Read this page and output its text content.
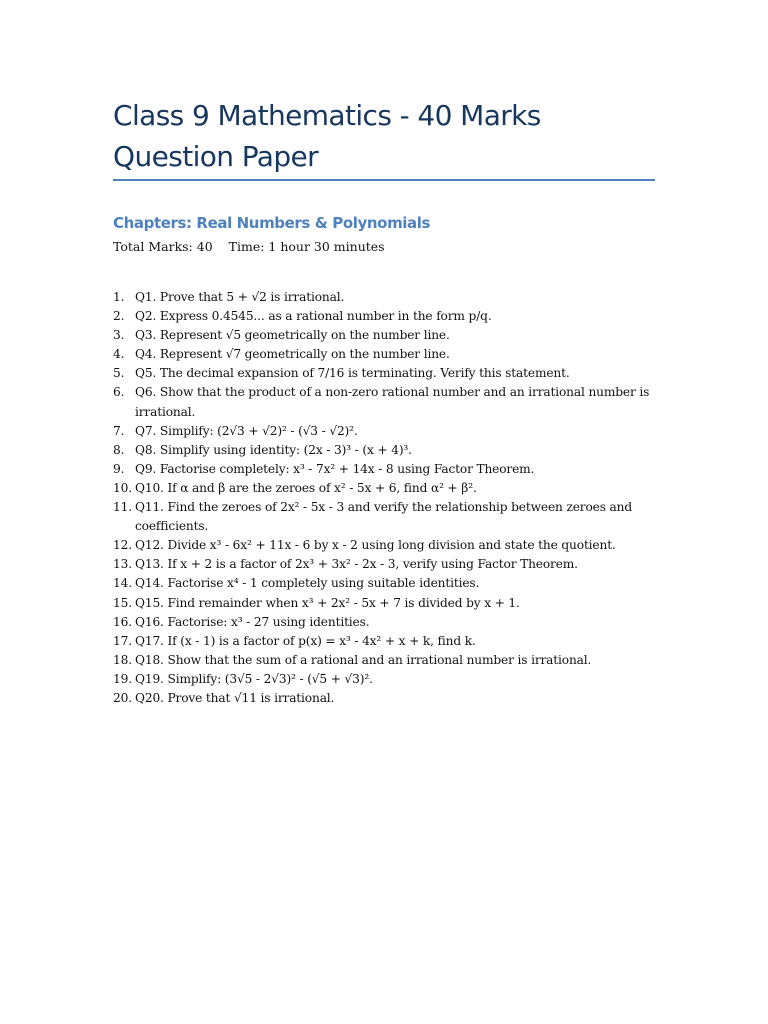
Class 9 Mathematics - 40 Marks Question Paper
Chapters: Real Numbers & Polynomials
Total Marks: 40 Time: 1 hour 30 minutes
1. Q1. Prove that 5 + √2 is irrational.
2. Q2. Express 0.4545... as a rational number in the form p/q.
3. Q3. Represent √5 geometrically on the number line.
4. Q4. Represent √7 geometrically on the number line.
5. Q5. The decimal expansion of 7/16 is terminating. Verify this statement.
6. Q6. Show that the product of a non-zero rational number and an irrational number is irrational.
7. Q7. Simplify: (2√3 + √2)² - (√3 - √2)².
8. Q8. Simplify using identity: (2x - 3)³ - (x + 4)³.
9. Q9. Factorise completely: x³ - 7x² + 14x - 8 using Factor Theorem.
10. Q10. If α and β are the zeroes of x² - 5x + 6, find α² + β².
11. Q11. Find the zeroes of 2x² - 5x - 3 and verify the relationship between zeroes and coefficients.
12. Q12. Divide x³ - 6x² + 11x - 6 by x - 2 using long division and state the quotient.
13. Q13. If x + 2 is a factor of 2x³ + 3x² - 2x - 3, verify using Factor Theorem.
14. Q14. Factorise x⁴ - 1 completely using suitable identities.
15. Q15. Find remainder when x³ + 2x² - 5x + 7 is divided by x + 1.
16. Q16. Factorise: x³ - 27 using identities.
17. Q17. If (x - 1) is a factor of p(x) = x³ - 4x² + x + k, find k.
18. Q18. Show that the sum of a rational and an irrational number is irrational.
19. Q19. Simplify: (3√5 - 2√3)² - (√5 + √3)².
20. Q20. Prove that √11 is irrational.
